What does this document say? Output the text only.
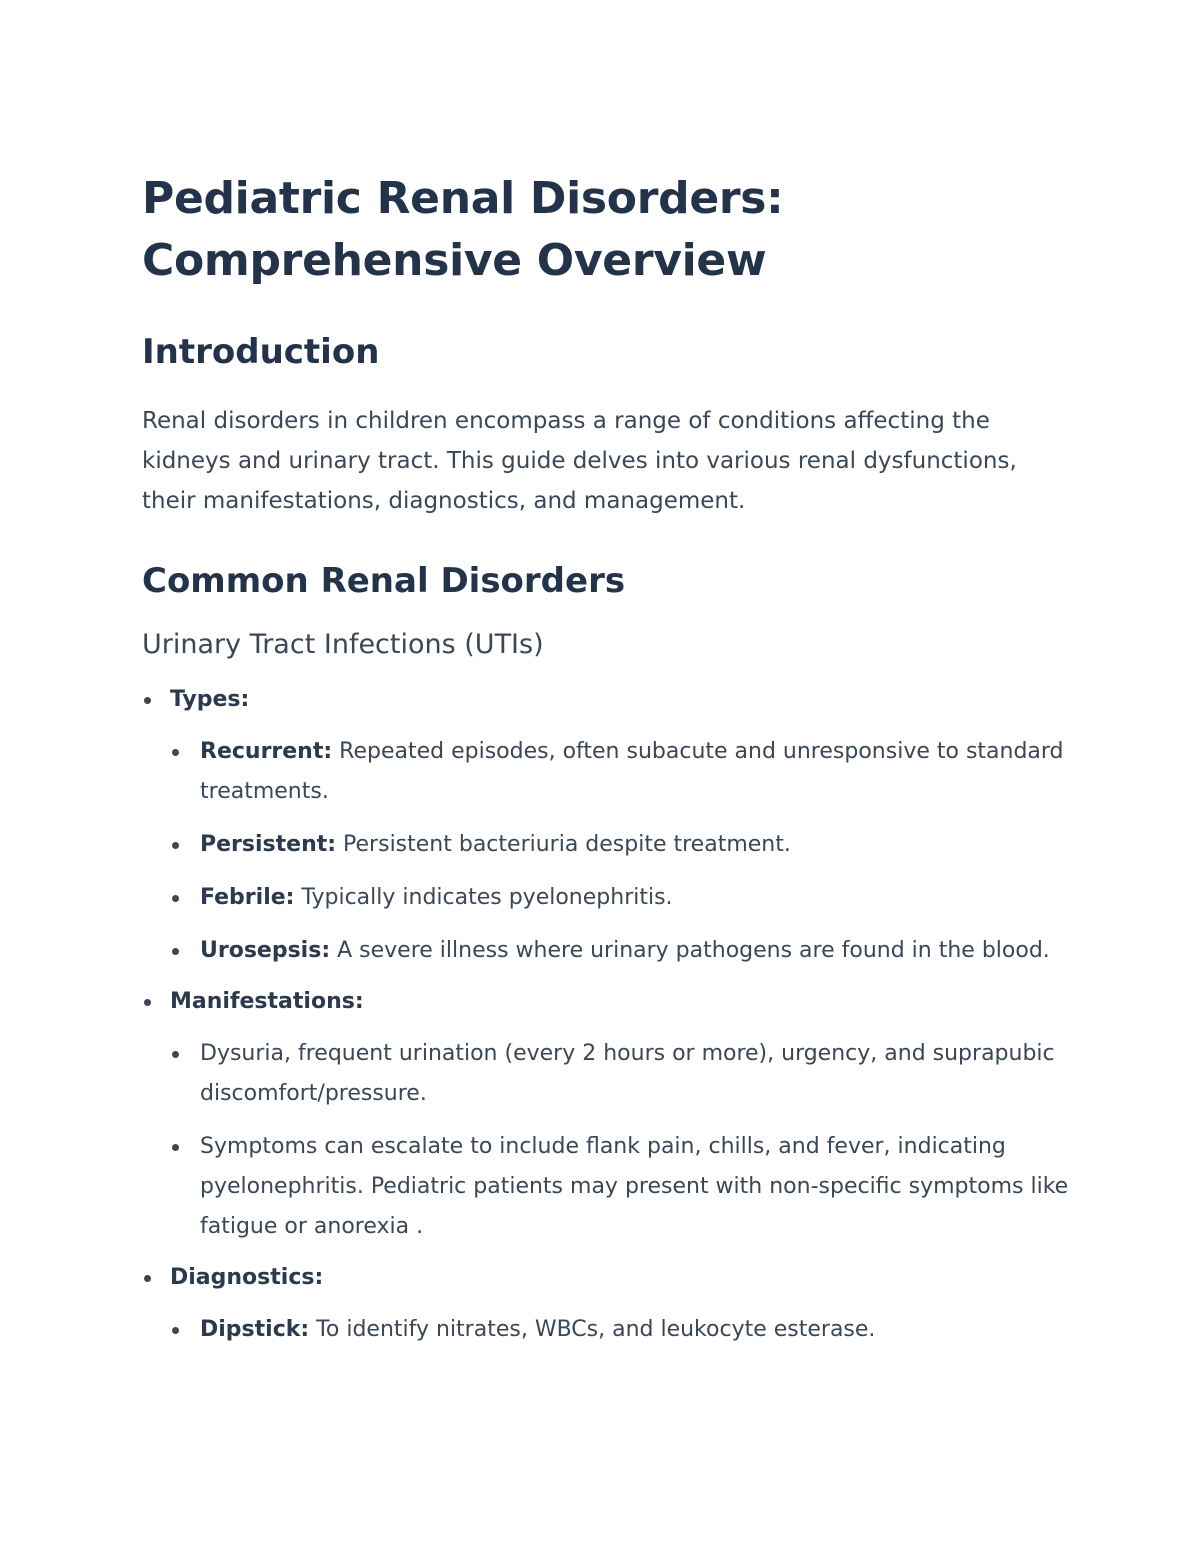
Pediatric Renal Disorders:
Comprehensive Overview
Introduction

Renal disorders in children encompass a range of conditions affecting the kidneys and urinary tract. This guide delves into various renal dysfunctions, their manifestations, diagnostics, and management.

Common Renal Disorders
Urinary Tract Infections (UTIs)
Types:
Recurrent: Repeated episodes, often subacute and unresponsive to standard treatments.
Persistent: Persistent bacteriuria despite treatment.
Febrile: Typically indicates pyelonephritis.
Urosepsis: A severe illness where urinary pathogens are found in the blood.
Manifestations:
Dysuria, frequent urination (every 2 hours or more), urgency, and suprapubic discomfort/pressure.
Symptoms can escalate to include flank pain, chills, and fever, indicating pyelonephritis. Pediatric patients may present with non-specific symptoms like fatigue or anorexia .
Diagnostics:
Dipstick: To identify nitrates, WBCs, and leukocyte esterase.
